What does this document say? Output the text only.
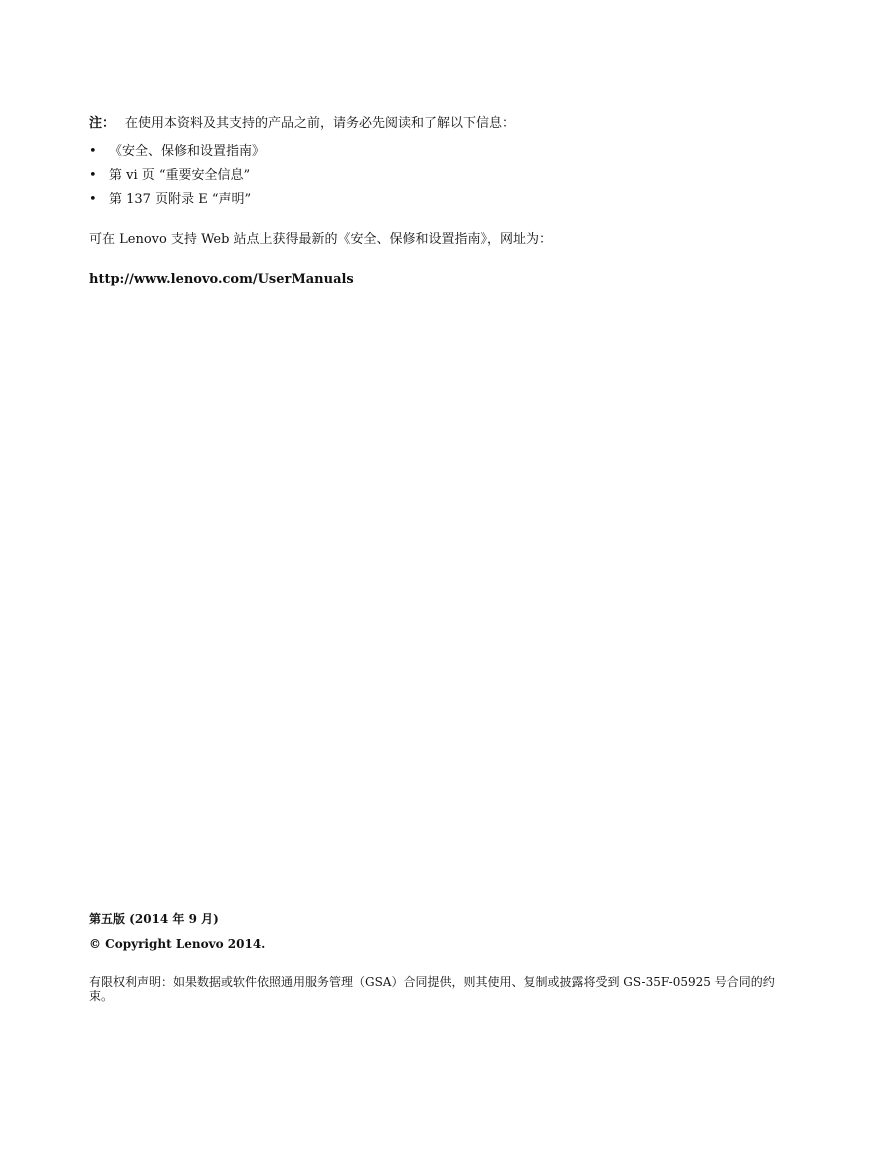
注： 在使用本资料及其支持的产品之前，请务必先阅读和了解以下信息：
• 《安全、保修和设置指南》
• 第 vi 页 “重要安全信息”
• 第 137 页附录 E “声明”
可在 Lenovo 支持 Web 站点上获得最新的《安全、保修和设置指南》，网址为：
http://www.lenovo.com/UserManuals
第五版 (2014 年 9 月)
© Copyright Lenovo 2014.
有限权利声明：如果数据或软件依照通用服务管理（GSA）合同提供，则其使用、复制或披露将受到 GS-35F-05925 号合同的约束。
